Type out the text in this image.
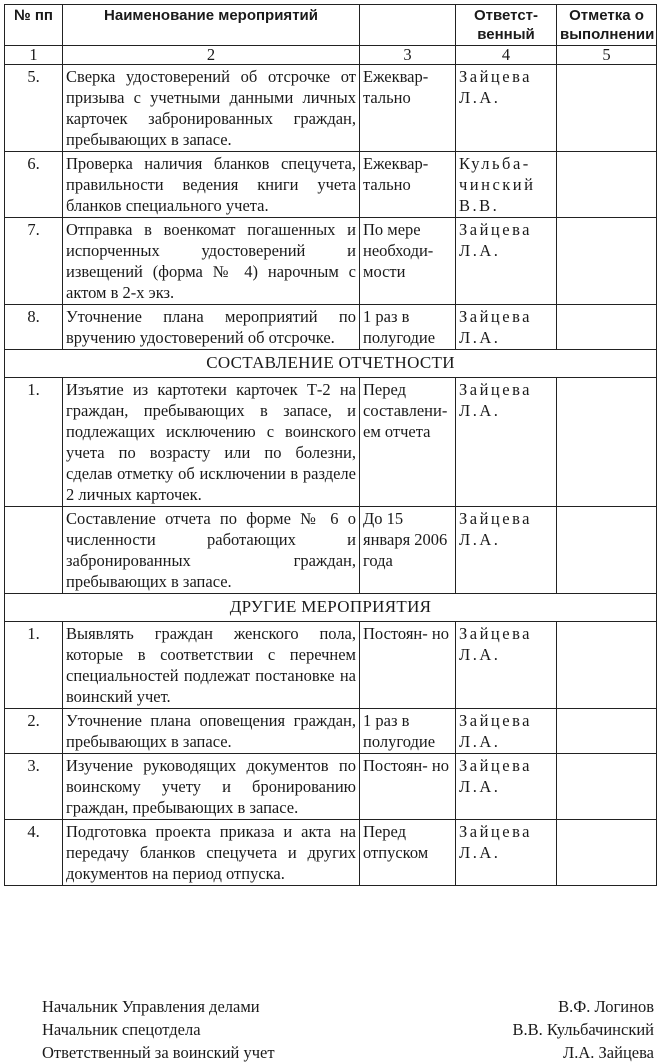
№ пп	Наименование мероприятий		Ответст- венный	Отметка о выполнении
1	2	3	4	5
5.	Сверка удостоверений об отсрочке от призыва с учетными данными личных карточек забронированных граждан, пребывающих в запасе.	Ежеквар- тально	Зайцева Л.А.	
6.	Проверка наличия бланков спецучета, правильности ведения книги учета бланков специального учета.	Ежеквар- тально	Кульба- чинский В.В.	
7.	Отправка в военкомат погашенных и испорченных удостоверений и извещений (форма № 4) нарочным с актом в 2-х экз.	По мере необходи- мости	Зайцева Л.А.	
8.	Уточнение плана мероприятий по вручению удостоверений об отсрочке.	1 раз в полугодие	Зайцева Л.А.	
СОСТАВЛЕНИЕ ОТЧЕТНОСТИ				
1.	Изъятие из картотеки карточек Т-2 на граждан, пребывающих в запасе, и подлежащих исключению с воинского учета по возрасту или по болезни, сделав отметку об исключении в разделе 2 личных карточек.	Перед составлени- ем отчета	Зайцева Л.А.	
	Составление отчета по форме № 6 о численности работающих и забронированных граждан, пребывающих в запасе.	До 15 января 2006 года	Зайцева Л.А.	
ДРУГИЕ МЕРОПРИЯТИЯ				
1.	Выявлять граждан женского пола, которые в соответствии с перечнем специальностей подлежат постановке на воинский учет.	Постоян- но	Зайцева Л.А.	
2.	Уточнение плана оповещения граждан, пребывающих в запасе.	1 раз в полугодие	Зайцева Л.А.	
3.	Изучение руководящих документов по воинскому учету и бронированию граждан, пребывающих в запасе.	Постоян- но	Зайцева Л.А.	
4.	Подготовка проекта приказа и акта на передачу бланков спецучета и других документов на период отпуска.	Перед отпуском	Зайцева Л.А.	
Начальник Управления делами	В.Ф. Логинов
Начальник спецотдела	В.В. Кульбачинский
Ответственный за воинский учет	Л.А. Зайцева
